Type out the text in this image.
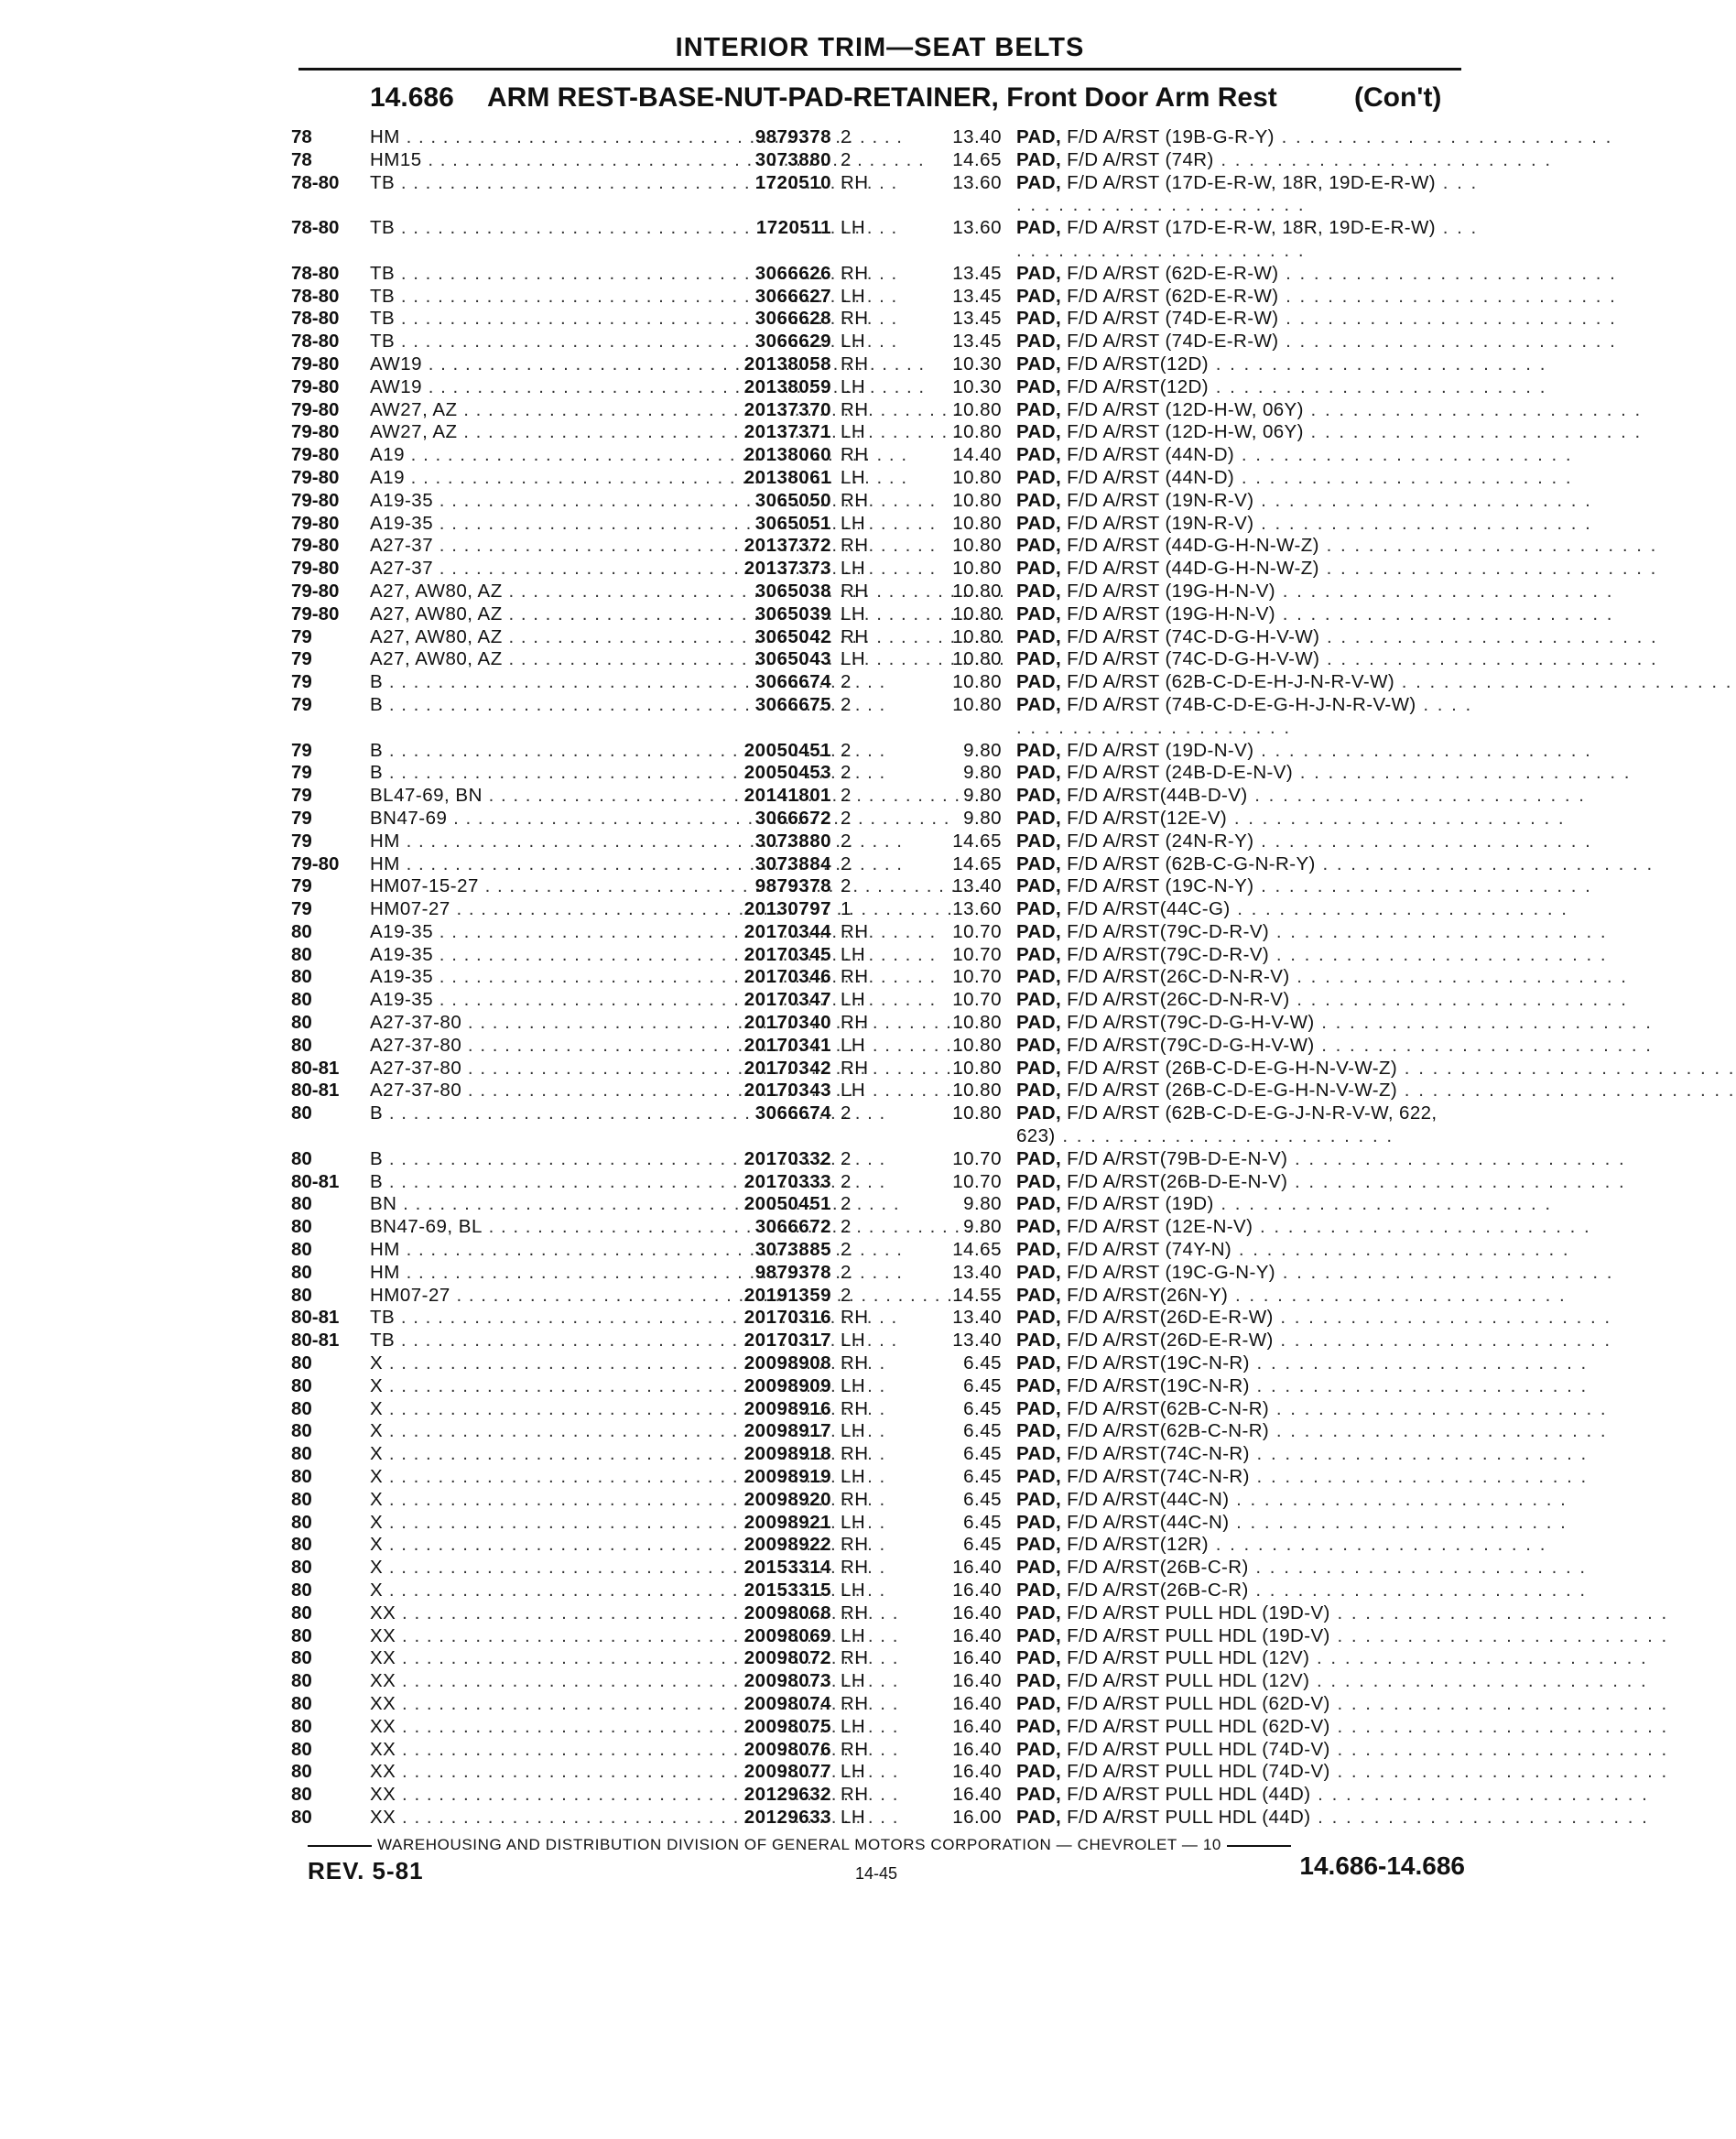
INTERIOR TRIM—SEAT BELTS
14.686 ARM REST-BASE-NUT-PAD-RETAINER, Front Door Arm Rest	(Con't)
78	HM . . .	9879378 2	13.40 PAD, F/D A/RST (19B-G-R-Y) . . . . . . . . . . . . . . . . . . . . . . . .
78	HM15 . . .	3073880 2	14.65 PAD, F/D A/RST (74R) . . . . . . . . . . . . . . . . . . . . . . . .
78-80	TB . . .	1720510 RH	13.60 PAD, F/D A/RST (17D-E-R-W, 18R, 19D-E-R-W) . . . . . . . . . . . . . . . . . . . . . . . .
78-80	TB . . .	1720511 LH	13.60 PAD, F/D A/RST (17D-E-R-W, 18R, 19D-E-R-W) . . . . . . . . . . . . . . . . . . . . . . . .
78-80	TB . . .	3066626 RH	13.45 PAD, F/D A/RST (62D-E-R-W) . . . . . . . . . . . . . . . . . . . . . . . .
78-80	TB . . .	3066627 LH	13.45 PAD, F/D A/RST (62D-E-R-W) . . . . . . . . . . . . . . . . . . . . . . . .
78-80	TB . . .	3066628 RH	13.45 PAD, F/D A/RST (74D-E-R-W) . . . . . . . . . . . . . . . . . . . . . . . .
78-80	TB . . .	3066629 LH	13.45 PAD, F/D A/RST (74D-E-R-W) . . . . . . . . . . . . . . . . . . . . . . . .
79-80	AW19 . . .	20138058 RH	10.30 PAD, F/D A/RST(12D) . . . . . . . . . . . . . . . . . . . . . . . .
79-80	AW19 . . .	20138059 LH	10.30 PAD, F/D A/RST(12D) . . . . . . . . . . . . . . . . . . . . . . . .
79-80	AW27, AZ . . .	20137370 RH	10.80 PAD, F/D A/RST (12D-H-W, 06Y) . . . . . . . . . . . . . . . . . . . . . . . .
79-80	AW27, AZ . . .	20137371 LH	10.80 PAD, F/D A/RST (12D-H-W, 06Y) . . . . . . . . . . . . . . . . . . . . . . . .
79-80	A19 . . .	20138060 RH	14.40 PAD, F/D A/RST (44N-D) . . . . . . . . . . . . . . . . . . . . . . . .
79-80	A19 . . .	20138061 LH	10.80 PAD, F/D A/RST (44N-D) . . . . . . . . . . . . . . . . . . . . . . . .
79-80	A19-35 . . .	3065050 RH	10.80 PAD, F/D A/RST (19N-R-V) . . . . . . . . . . . . . . . . . . . . . . . .
79-80	A19-35 . . .	3065051 LH	10.80 PAD, F/D A/RST (19N-R-V) . . . . . . . . . . . . . . . . . . . . . . . .
79-80	A27-37 . . .	20137372 RH	10.80 PAD, F/D A/RST (44D-G-H-N-W-Z) . . . . . . . . . . . . . . . . . . . . . . . .
79-80	A27-37 . . .	20137373 LH	10.80 PAD, F/D A/RST (44D-G-H-N-W-Z) . . . . . . . . . . . . . . . . . . . . . . . .
79-80	A27, AW80, AZ . . .	3065038 RH	10.80 PAD, F/D A/RST (19G-H-N-V) . . . . . . . . . . . . . . . . . . . . . . . .
79-80	A27, AW80, AZ . . .	3065039 LH	10.80 PAD, F/D A/RST (19G-H-N-V) . . . . . . . . . . . . . . . . . . . . . . . .
79	A27, AW80, AZ . . .	3065042 RH	10.80 PAD, F/D A/RST (74C-D-G-H-V-W) . . . . . . . . . . . . . . . . . . . . . . . .
79	A27, AW80, AZ . . .	3065043 LH	10.80 PAD, F/D A/RST (74C-D-G-H-V-W) . . . . . . . . . . . . . . . . . . . . . . . .
79	B . . .	3066674 2	10.80 PAD, F/D A/RST (62B-C-D-E-H-J-N-R-V-W) . . . . . . . . . . . . . . . . . . . . . . . .
79	B . . .	3066675 2	10.80 PAD, F/D A/RST (74B-C-D-E-G-H-J-N-R-V-W) . . . . . . . . . . . . . . . . . . . . . . . .
79	B . . .	20050451 2	9.80 PAD, F/D A/RST (19D-N-V) . . . . . . . . . . . . . . . . . . . . . . . .
79	B . . .	20050453 2	9.80 PAD, F/D A/RST (24B-D-E-N-V) . . . . . . . . . . . . . . . . . . . . . . . .
79	BL47-69, BN . . .	20141801 2	9.80 PAD, F/D A/RST(44B-D-V) . . . . . . . . . . . . . . . . . . . . . . . .
79	BN47-69 . . .	3066672 2	9.80 PAD, F/D A/RST(12E-V) . . . . . . . . . . . . . . . . . . . . . . . .
79	HM . . .	3073880 2	14.65 PAD, F/D A/RST (24N-R-Y) . . . . . . . . . . . . . . . . . . . . . . . .
79-80	HM . . .	3073884 2	14.65 PAD, F/D A/RST (62B-C-G-N-R-Y) . . . . . . . . . . . . . . . . . . . . . . . .
79	HM07-15-27 . . .	9879378 2	13.40 PAD, F/D A/RST (19C-N-Y) . . . . . . . . . . . . . . . . . . . . . . . .
79	HM07-27 . . .	20130797 1	13.60 PAD, F/D A/RST(44C-G) . . . . . . . . . . . . . . . . . . . . . . . .
80	A19-35 . . .	20170344 RH	10.70 PAD, F/D A/RST(79C-D-R-V) . . . . . . . . . . . . . . . . . . . . . . . .
80	A19-35 . . .	20170345 LH	10.70 PAD, F/D A/RST(79C-D-R-V) . . . . . . . . . . . . . . . . . . . . . . . .
80	A19-35 . . .	20170346 RH	10.70 PAD, F/D A/RST(26C-D-N-R-V) . . . . . . . . . . . . . . . . . . . . . . . .
80	A19-35 . . .	20170347 LH	10.70 PAD, F/D A/RST(26C-D-N-R-V) . . . . . . . . . . . . . . . . . . . . . . . .
80	A27-37-80 . . .	20170340 RH	10.80 PAD, F/D A/RST(79C-D-G-H-V-W) . . . . . . . . . . . . . . . . . . . . . . . .
80	A27-37-80 . . .	20170341 LH	10.80 PAD, F/D A/RST(79C-D-G-H-V-W) . . . . . . . . . . . . . . . . . . . . . . . .
80-81	A27-37-80 . . .	20170342 RH	10.80 PAD, F/D A/RST (26B-C-D-E-G-H-N-V-W-Z) . . . . . . . . . . . . . . . . . . . . . . . .
80-81	A27-37-80 . . .	20170343 LH	10.80 PAD, F/D A/RST (26B-C-D-E-G-H-N-V-W-Z) . . . . . . . . . . . . . . . . . . . . . . . .
80	B . . .	3066674 2	10.80 PAD, F/D A/RST (62B-C-D-E-G-J-N-R-V-W, 622, 623) . . . . . . . . . . . . . . . . . . . . . . . .
80	B . . .	20170332 2	10.70 PAD, F/D A/RST(79B-D-E-N-V) . . . . . . . . . . . . . . . . . . . . . . . .
80-81	B . . .	20170333 2	10.70 PAD, F/D A/RST(26B-D-E-N-V) . . . . . . . . . . . . . . . . . . . . . . . .
80	BN . . .	20050451 2	9.80 PAD, F/D A/RST (19D) . . . . . . . . . . . . . . . . . . . . . . . .
80	BN47-69, BL . . .	3066672 2	9.80 PAD, F/D A/RST (12E-N-V) . . . . . . . . . . . . . . . . . . . . . . . .
80	HM . . .	3073885 2	14.65 PAD, F/D A/RST (74Y-N) . . . . . . . . . . . . . . . . . . . . . . . .
80	HM . . .	9879378 2	13.40 PAD, F/D A/RST (19C-G-N-Y) . . . . . . . . . . . . . . . . . . . . . . . .
80	HM07-27 . . .	20191359 2	14.55 PAD, F/D A/RST(26N-Y) . . . . . . . . . . . . . . . . . . . . . . . .
80-81	TB . . .	20170316 RH	13.40 PAD, F/D A/RST(26D-E-R-W) . . . . . . . . . . . . . . . . . . . . . . . .
80-81	TB . . .	20170317 LH	13.40 PAD, F/D A/RST(26D-E-R-W) . . . . . . . . . . . . . . . . . . . . . . . .
80	X . . .	20098908 RH	6.45 PAD, F/D A/RST(19C-N-R) . . . . . . . . . . . . . . . . . . . . . . . .
80	X . . .	20098909 LH	6.45 PAD, F/D A/RST(19C-N-R) . . . . . . . . . . . . . . . . . . . . . . . .
80	X . . .	20098916 RH	6.45 PAD, F/D A/RST(62B-C-N-R) . . . . . . . . . . . . . . . . . . . . . . . .
80	X . . .	20098917 LH	6.45 PAD, F/D A/RST(62B-C-N-R) . . . . . . . . . . . . . . . . . . . . . . . .
80	X . . .	20098918 RH	6.45 PAD, F/D A/RST(74C-N-R) . . . . . . . . . . . . . . . . . . . . . . . .
80	X . . .	20098919 LH	6.45 PAD, F/D A/RST(74C-N-R) . . . . . . . . . . . . . . . . . . . . . . . .
80	X . . .	20098920 RH	6.45 PAD, F/D A/RST(44C-N) . . . . . . . . . . . . . . . . . . . . . . . .
80	X . . .	20098921 LH	6.45 PAD, F/D A/RST(44C-N) . . . . . . . . . . . . . . . . . . . . . . . .
80	X . . .	20098922 RH	6.45 PAD, F/D A/RST(12R) . . . . . . . . . . . . . . . . . . . . . . . .
80	X . . .	20153314 RH	16.40 PAD, F/D A/RST(26B-C-R) . . . . . . . . . . . . . . . . . . . . . . . .
80	X . . .	20153315 LH	16.40 PAD, F/D A/RST(26B-C-R) . . . . . . . . . . . . . . . . . . . . . . . .
80	XX . . .	20098068 RH	16.40 PAD, F/D A/RST PULL HDL (19D-V) . . . . . . . . . . . . . . . . . . . . . . . .
80	XX . . .	20098069 LH	16.40 PAD, F/D A/RST PULL HDL (19D-V) . . . . . . . . . . . . . . . . . . . . . . . .
80	XX . . .	20098072 RH	16.40 PAD, F/D A/RST PULL HDL (12V) . . . . . . . . . . . . . . . . . . . . . . . .
80	XX . . .	20098073 LH	16.40 PAD, F/D A/RST PULL HDL (12V) . . . . . . . . . . . . . . . . . . . . . . . .
80	XX . . .	20098074 RH	16.40 PAD, F/D A/RST PULL HDL (62D-V) . . . . . . . . . . . . . . . . . . . . . . . .
80	XX . . .	20098075 LH	16.40 PAD, F/D A/RST PULL HDL (62D-V) . . . . . . . . . . . . . . . . . . . . . . . .
80	XX . . .	20098076 RH	16.40 PAD, F/D A/RST PULL HDL (74D-V) . . . . . . . . . . . . . . . . . . . . . . . .
80	XX . . .	20098077 LH	16.40 PAD, F/D A/RST PULL HDL (74D-V) . . . . . . . . . . . . . . . . . . . . . . . .
80	XX . . .	20129632 RH	16.40 PAD, F/D A/RST PULL HDL (44D) . . . . . . . . . . . . . . . . . . . . . . . .
80	XX . . .	20129633 LH	16.00 PAD, F/D A/RST PULL HDL (44D) . . . . . . . . . . . . . . . . . . . . . . . .
WAREHOUSING AND DISTRIBUTION DIVISION OF GENERAL MOTORS CORPORATION — CHEVROLET — 10
REV. 5-81	14-45	14.686-14.686
